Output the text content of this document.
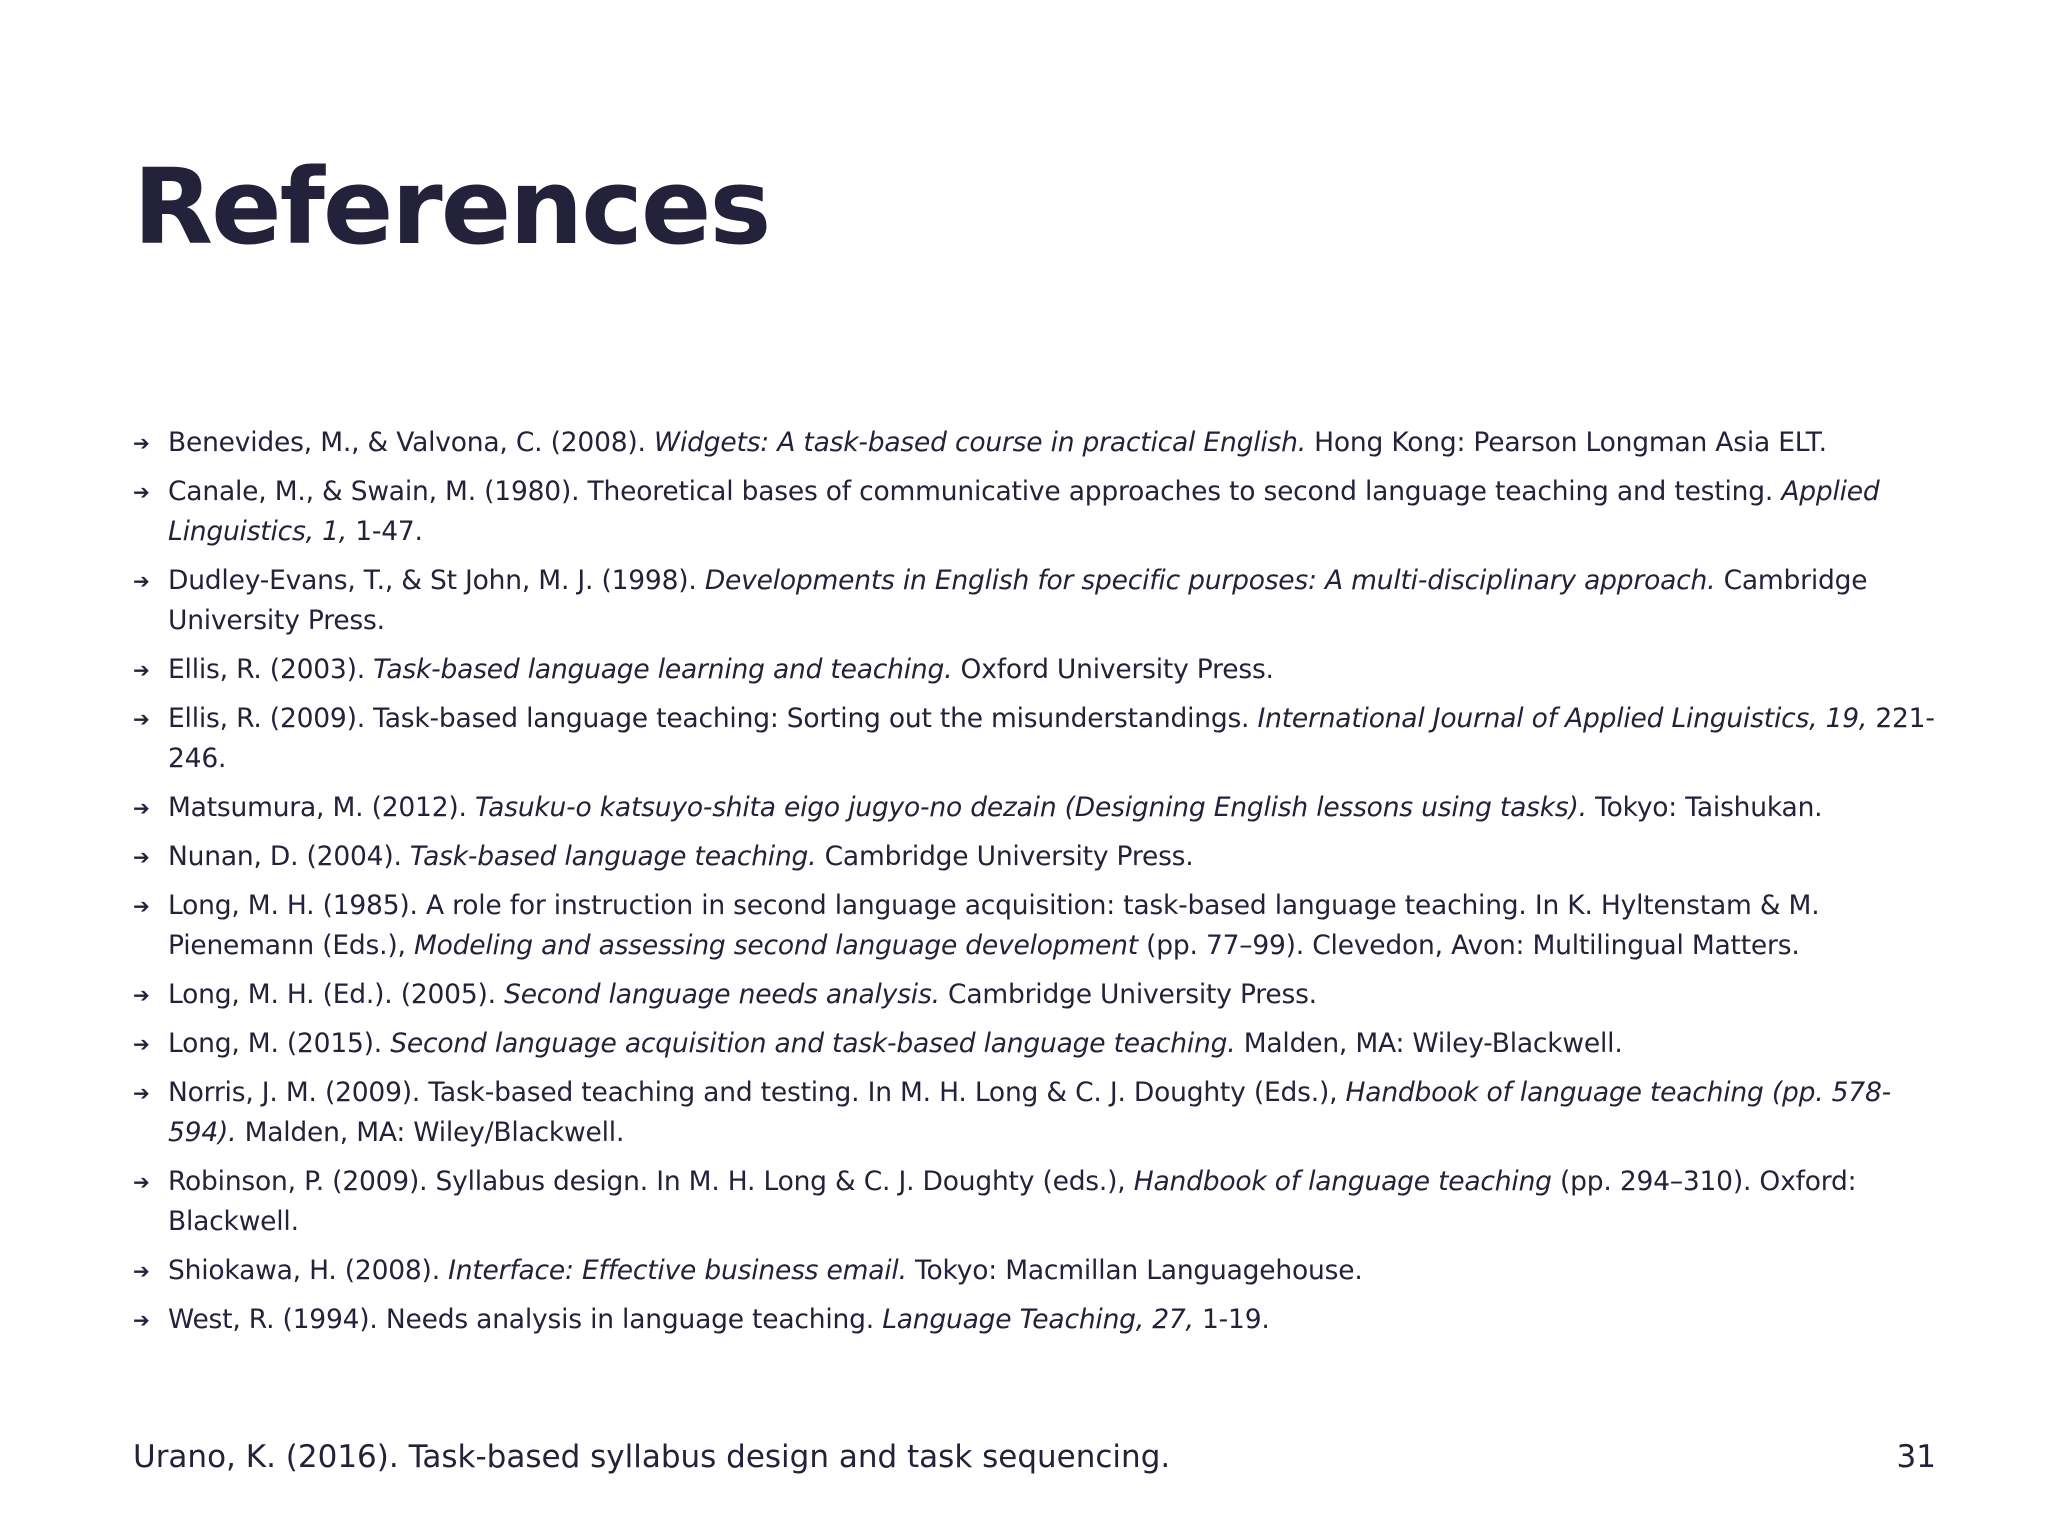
References
➔ Benevides, M., & Valvona, C. (2008). Widgets: A task-based course in practical English. Hong Kong: Pearson Longman Asia ELT.
➔ Canale, M., & Swain, M. (1980). Theoretical bases of communicative approaches to second language teaching and testing. Applied Linguistics, 1, 1-47.
➔ Dudley-Evans, T., & St John, M. J. (1998). Developments in English for specific purposes: A multi-disciplinary approach. Cambridge University Press.
➔ Ellis, R. (2003). Task-based language learning and teaching. Oxford University Press.
➔ Ellis, R. (2009). Task-based language teaching: Sorting out the misunderstandings. International Journal of Applied Linguistics, 19, 221-246.
➔ Matsumura, M. (2012). Tasuku-o katsuyo-shita eigo jugyo-no dezain (Designing English lessons using tasks). Tokyo: Taishukan.
➔ Nunan, D. (2004). Task-based language teaching. Cambridge University Press.
➔ Long, M. H. (1985). A role for instruction in second language acquisition: task-based language teaching. In K. Hyltenstam & M. Pienemann (Eds.), Modeling and assessing second language development (pp. 77–99). Clevedon, Avon: Multilingual Matters.
➔ Long, M. H. (Ed.). (2005). Second language needs analysis. Cambridge University Press.
➔ Long, M. (2015). Second language acquisition and task-based language teaching. Malden, MA: Wiley-Blackwell.
➔ Norris, J. M. (2009). Task-based teaching and testing. In M. H. Long & C. J. Doughty (Eds.), Handbook of language teaching (pp. 578-594). Malden, MA: Wiley/Blackwell.
➔ Robinson, P. (2009). Syllabus design. In M. H. Long & C. J. Doughty (eds.), Handbook of language teaching (pp. 294–310). Oxford: Blackwell.
➔ Shiokawa, H. (2008). Interface: Effective business email. Tokyo: Macmillan Languagehouse.
➔ West, R. (1994). Needs analysis in language teaching. Language Teaching, 27, 1-19.
Urano, K. (2016). Task-based syllabus design and task sequencing.	31
